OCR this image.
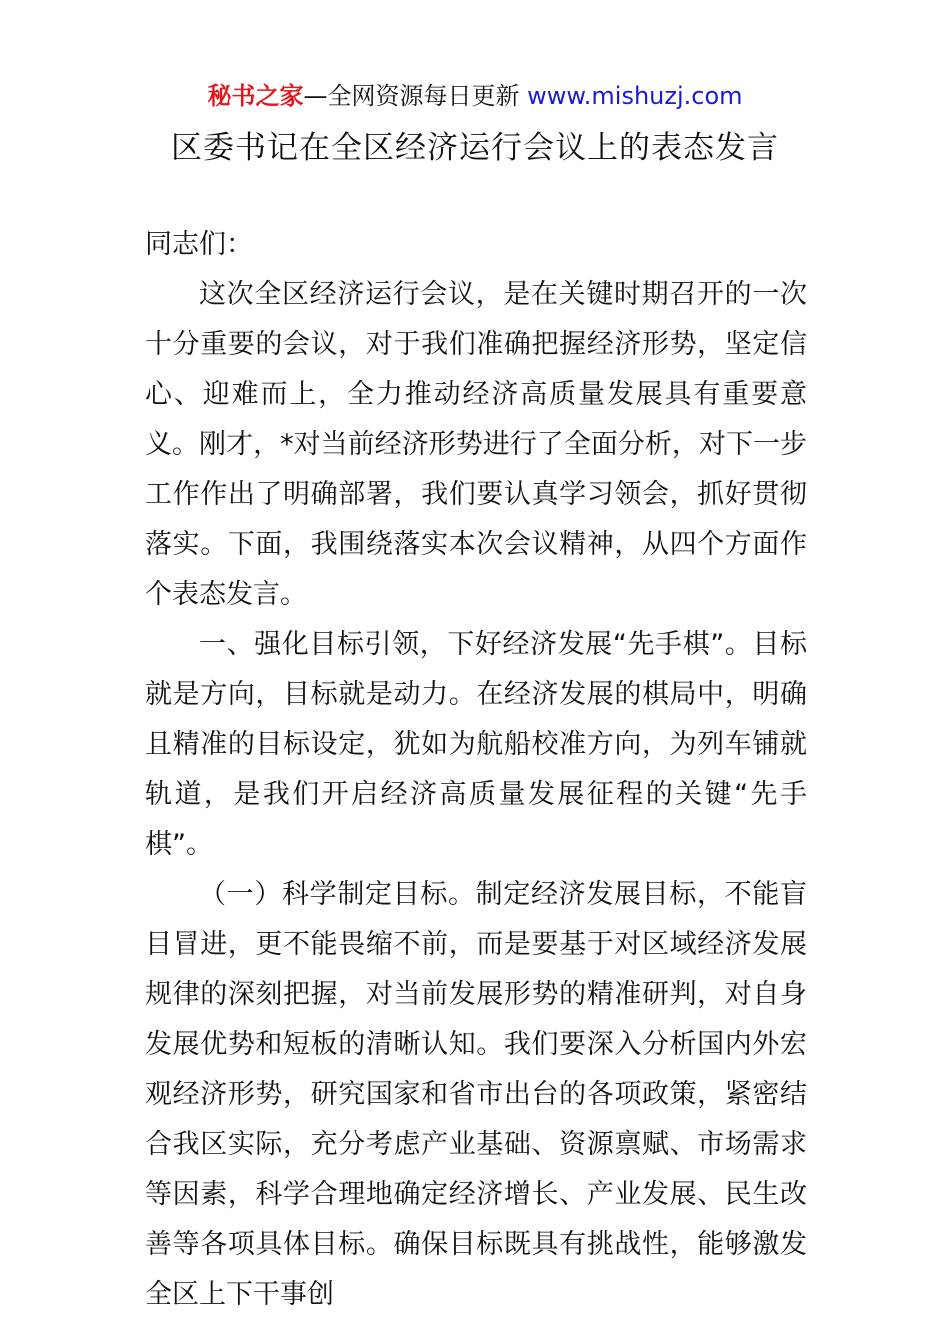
秘书之家—全网资源每日更新 www.mishuzj.com
区委书记在全区经济运行会议上的表态发言

同志们：

这次全区经济运行会议，是在关键时期召开的一次十分重要的会议，对于我们准确把握经济形势，坚定信心、迎难而上，全力推动经济高质量发展具有重要意义。刚才，*对当前经济形势进行了全面分析，对下一步工作作出了明确部署，我们要认真学习领会，抓好贯彻落实。下面，我围绕落实本次会议精神，从四个方面作个表态发言。

一、强化目标引领，下好经济发展“先手棋”。目标就是方向，目标就是动力。在经济发展的棋局中，明确且精准的目标设定，犹如为航船校准方向，为列车铺就轨道，是我们开启经济高质量发展征程的关键“先手棋”。

（一）科学制定目标。制定经济发展目标，不能盲目冒进，更不能畏缩不前，而是要基于对区域经济发展规律的深刻把握，对当前发展形势的精准研判，对自身发展优势和短板的清晰认知。我们要深入分析国内外宏观经济形势，研究国家和省市出台的各项政策，紧密结合我区实际，充分考虑产业基础、资源禀赋、市场需求等因素，科学合理地确定经济增长、产业发展、民生改善等各项具体目标。确保目标既具有挑战性，能够激发全区上下干事创
